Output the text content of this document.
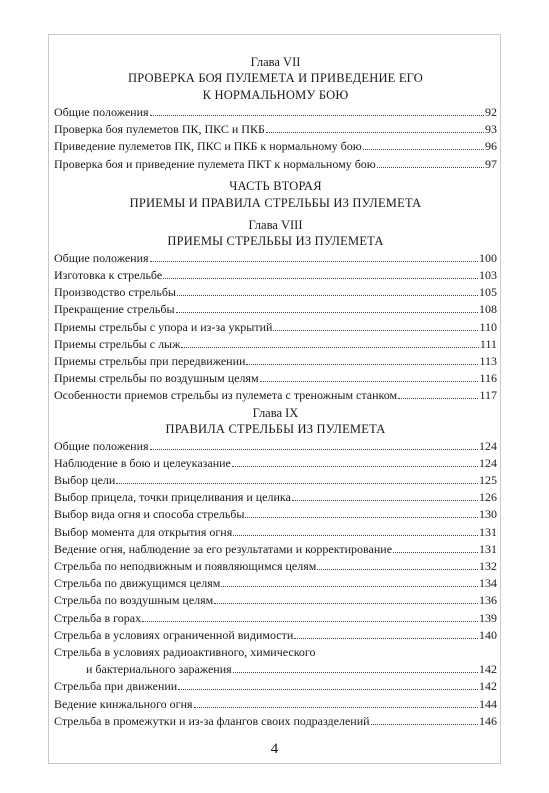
Глава VII
ПРОВЕРКА БОЯ ПУЛЕМЕТА И ПРИВЕДЕНИЕ ЕГО
К НОРМАЛЬНОМУ БОЮ
Общие положения	92
Проверка боя пулеметов ПК, ПКС и ПКБ	93
Приведение пулеметов ПК, ПКС и ПКБ к нормальному бою	96
Проверка боя и приведение пулемета ПКТ к нормальному бою	97
ЧАСТЬ ВТОРАЯ
ПРИЕМЫ И ПРАВИЛА СТРЕЛЬБЫ ИЗ ПУЛЕМЕТА
Глава VIII
ПРИЕМЫ СТРЕЛЬБЫ ИЗ ПУЛЕМЕТА
Общие положения	100
Изготовка к стрельбе	103
Производство стрельбы	105
Прекращение стрельбы	108
Приемы стрельбы с упора и из-за укрытий	110
Приемы стрельбы с лыж	111
Приемы стрельбы при передвижении	113
Приемы стрельбы по воздушным целям	116
Особенности приемов стрельбы из пулемета с треножным станком	117
Глава IX
ПРАВИЛА СТРЕЛЬБЫ ИЗ ПУЛЕМЕТА
Общие положения	124
Наблюдение в бою и целеуказание	124
Выбор цели	125
Выбор прицела, точки прицеливания и целика	126
Выбор вида огня и способа стрельбы	130
Выбор момента для открытия огня	131
Ведение огня, наблюдение за его результатами и корректирование	131
Стрельба по неподвижным и появляющимся целям	132
Стрельба по движущимся целям	134
Стрельба по воздушным целям	136
Стрельба в горах	139
Стрельба в условиях ограниченной видимости	140
Стрельба в условиях радиоактивного, химического
и бактериального заражения	142
Стрельба при движении	142
Ведение кинжального огня	144
Стрельба в промежутки и из-за флангов своих подразделений	146
4
